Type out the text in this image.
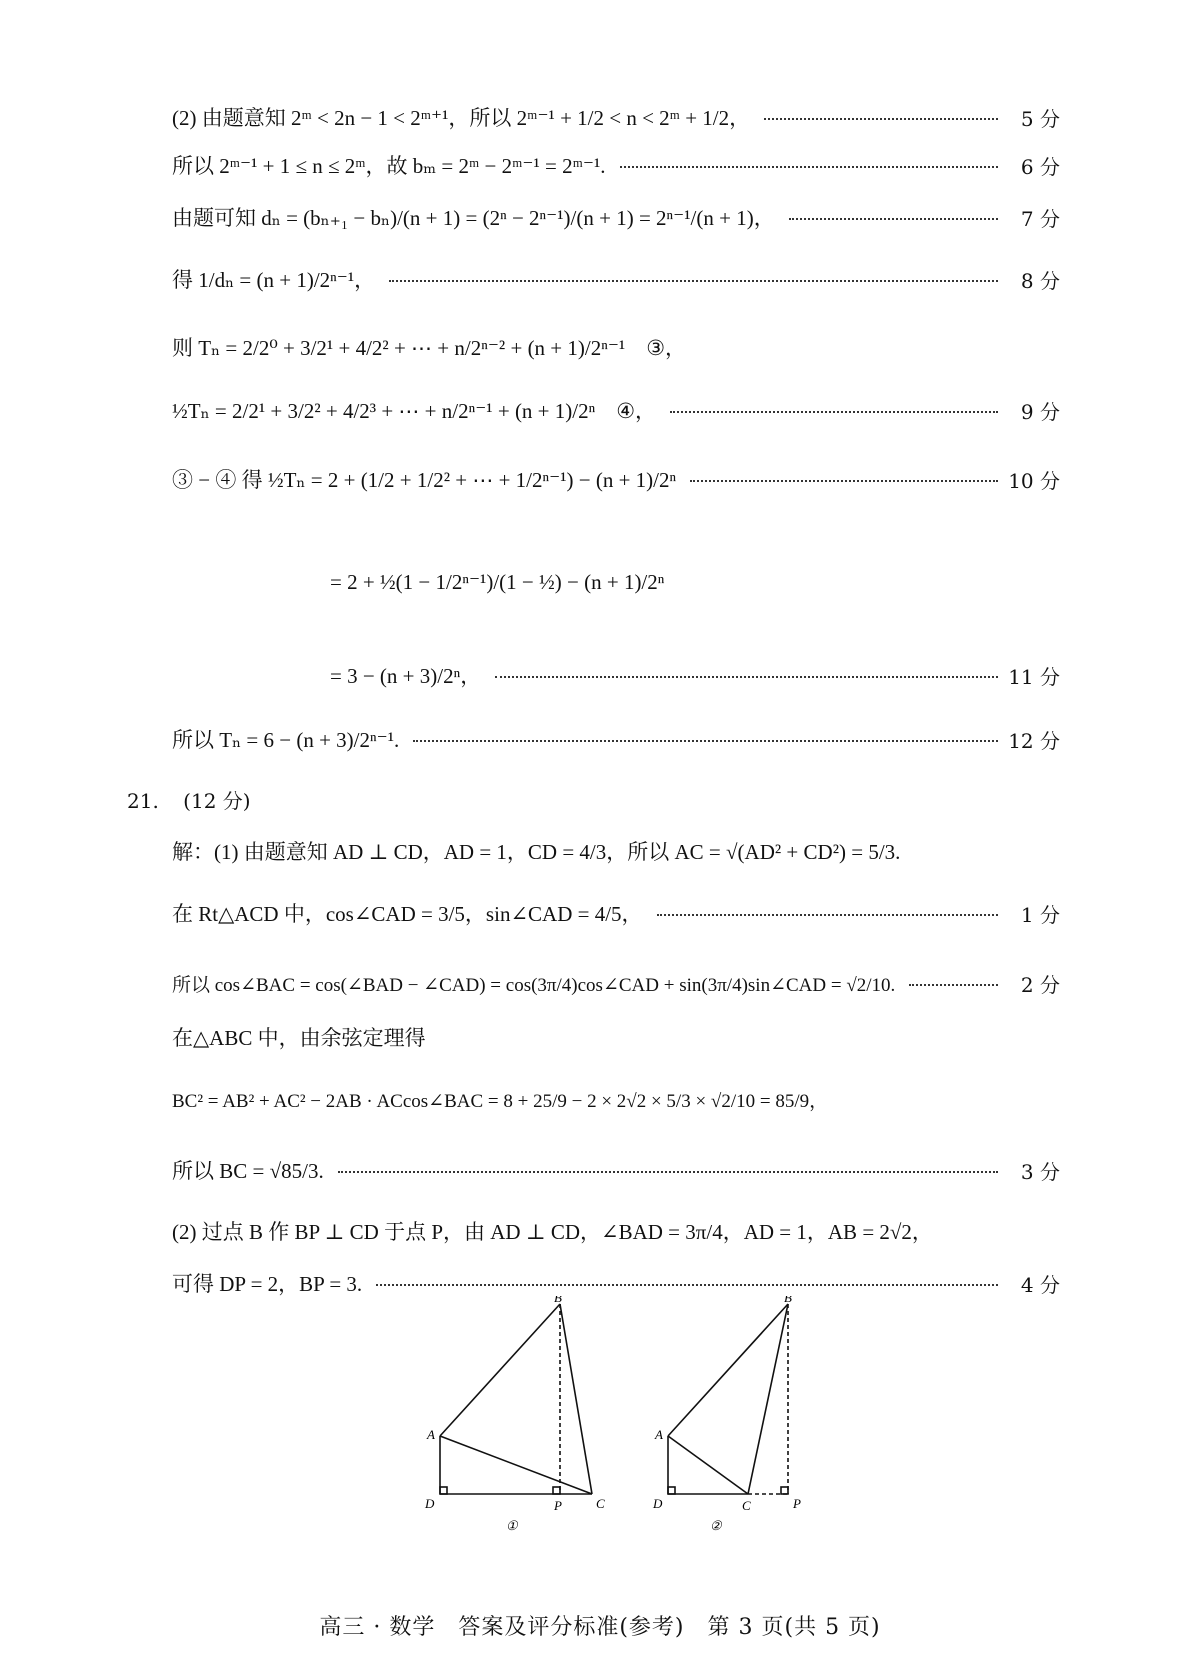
(2) 由题意知 2ᵐ < 2n − 1 < 2ᵐ⁺¹，所以 2ᵐ⁻¹ + 1/2 < n < 2ᵐ + 1/2，	5 分
所以 2ᵐ⁻¹ + 1 ≤ n ≤ 2ᵐ，故 bₘ = 2ᵐ − 2ᵐ⁻¹ = 2ᵐ⁻¹.	6 分
由题可知 dₙ = (bₙ₊₁ − bₙ)/(n + 1) = (2ⁿ − 2ⁿ⁻¹)/(n + 1) = 2ⁿ⁻¹/(n + 1)，	7 分
得 1/dₙ = (n + 1)/2ⁿ⁻¹，	8 分
则 Tₙ = 2/2⁰ + 3/2¹ + 4/2² + ⋯ + n/2ⁿ⁻² + (n + 1)/2ⁿ⁻¹　③，
½Tₙ = 2/2¹ + 3/2² + 4/2³ + ⋯ + n/2ⁿ⁻¹ + (n + 1)/2ⁿ　④，	9 分
③ − ④ 得 ½Tₙ = 2 + (1/2 + 1/2² + ⋯ + 1/2ⁿ⁻¹) − (n + 1)/2ⁿ	10 分
= 2 + ½(1 − 1/2ⁿ⁻¹)/(1 − ½) − (n + 1)/2ⁿ
= 3 − (n + 3)/2ⁿ，	11 分
所以 Tₙ = 6 − (n + 3)/2ⁿ⁻¹.	12 分
21. (12 分)
解：(1) 由题意知 AD ⊥ CD，AD = 1，CD = 4/3，所以 AC = √(AD² + CD²) = 5/3.
在 Rt△ACD 中，cos∠CAD = 3/5，sin∠CAD = 4/5，	1 分
所以 cos∠BAC = cos(∠BAD − ∠CAD) = cos(3π/4)cos∠CAD + sin(3π/4)sin∠CAD = √2/10.	2 分
在△ABC 中，由余弦定理得
BC² = AB² + AC² − 2AB · ACcos∠BAC = 8 + 25/9 − 2 × 2√2 × 5/3 × √2/10 = 85/9，
所以 BC = √85/3.	3 分
(2) 过点 B 作 BP ⊥ CD 于点 P，由 AD ⊥ CD，∠BAD = 3π/4，AD = 1，AB = 2√2，
可得 DP = 2，BP = 3.	4 分
B
A
D	P	C
①
B
A
D	C	P
②
高三 · 数学　答案及评分标准(参考)　第 3 页(共 5 页)
